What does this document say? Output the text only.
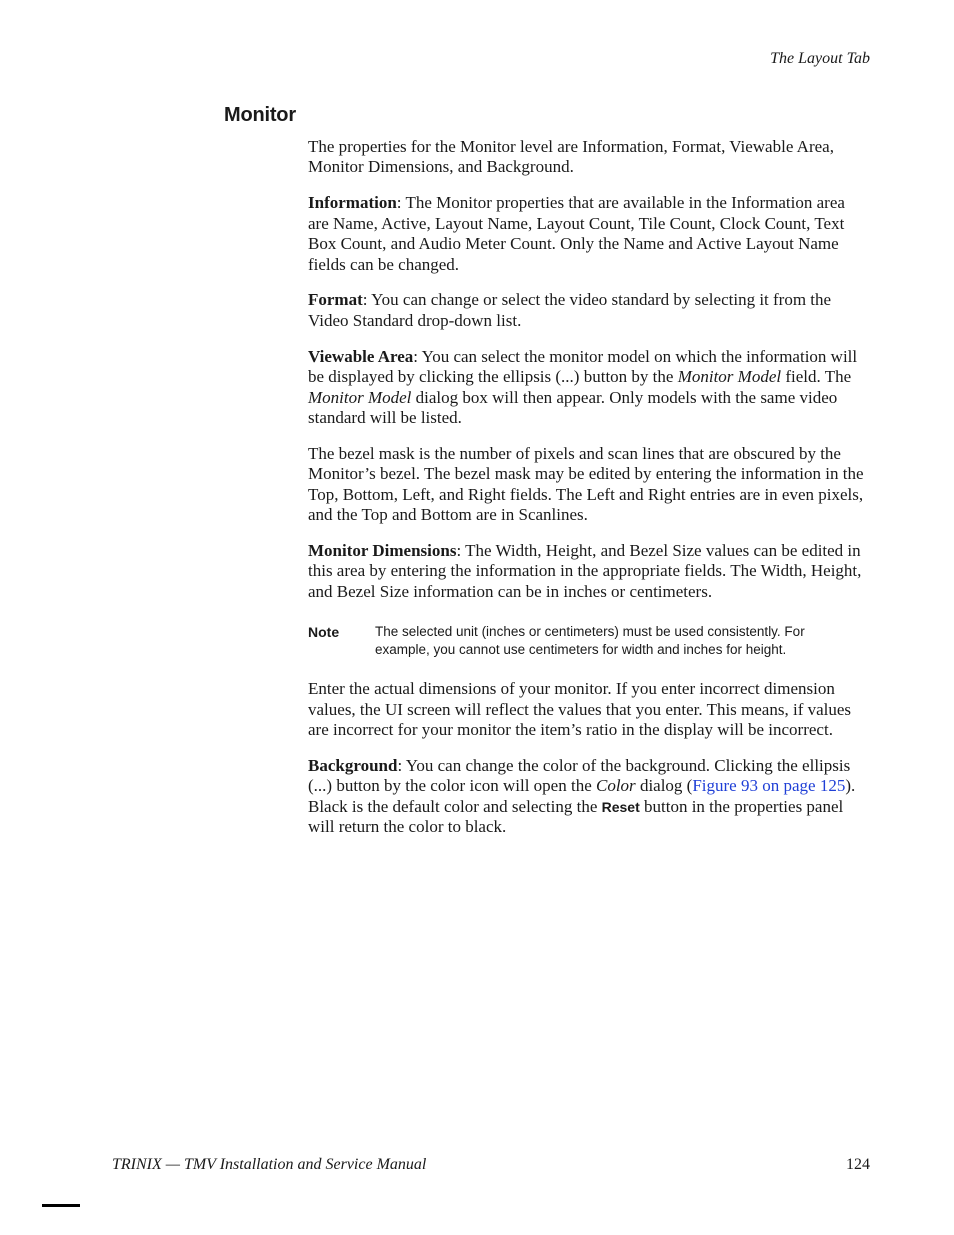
The Layout Tab
Monitor

The properties for the Monitor level are Information, Format, Viewable Area, Monitor Dimensions, and Background.

Information: The Monitor properties that are available in the Information area are Name, Active, Layout Name, Layout Count, Tile Count, Clock Count, Text Box Count, and Audio Meter Count. Only the Name and Active Layout Name fields can be changed.

Format: You can change or select the video standard by selecting it from the Video Standard drop-down list.

Viewable Area: You can select the monitor model on which the information will be displayed by clicking the ellipsis (...) button by the Monitor Model field. The Monitor Model dialog box will then appear. Only models with the same video standard will be listed.

The bezel mask is the number of pixels and scan lines that are obscured by the Monitor’s bezel. The bezel mask may be edited by entering the information in the Top, Bottom, Left, and Right fields. The Left and Right entries are in even pixels, and the Top and Bottom are in Scanlines.

Monitor Dimensions: The Width, Height, and Bezel Size values can be edited in this area by entering the information in the appropriate fields. The Width, Height, and Bezel Size information can be in inches or centimeters.

Note	The selected unit (inches or centimeters) must be used consistently. For example, you cannot use centimeters for width and inches for height.

Enter the actual dimensions of your monitor. If you enter incorrect dimension values, the UI screen will reflect the values that you enter. This means, if values are incorrect for your monitor the item’s ratio in the display will be incorrect.

Background: You can change the color of the background. Clicking the ellipsis (...) button by the color icon will open the Color dialog (Figure 93 on page 125). Black is the default color and selecting the Reset button in the properties panel will return the color to black.

TRINIX — TMV Installation and Service Manual	124
